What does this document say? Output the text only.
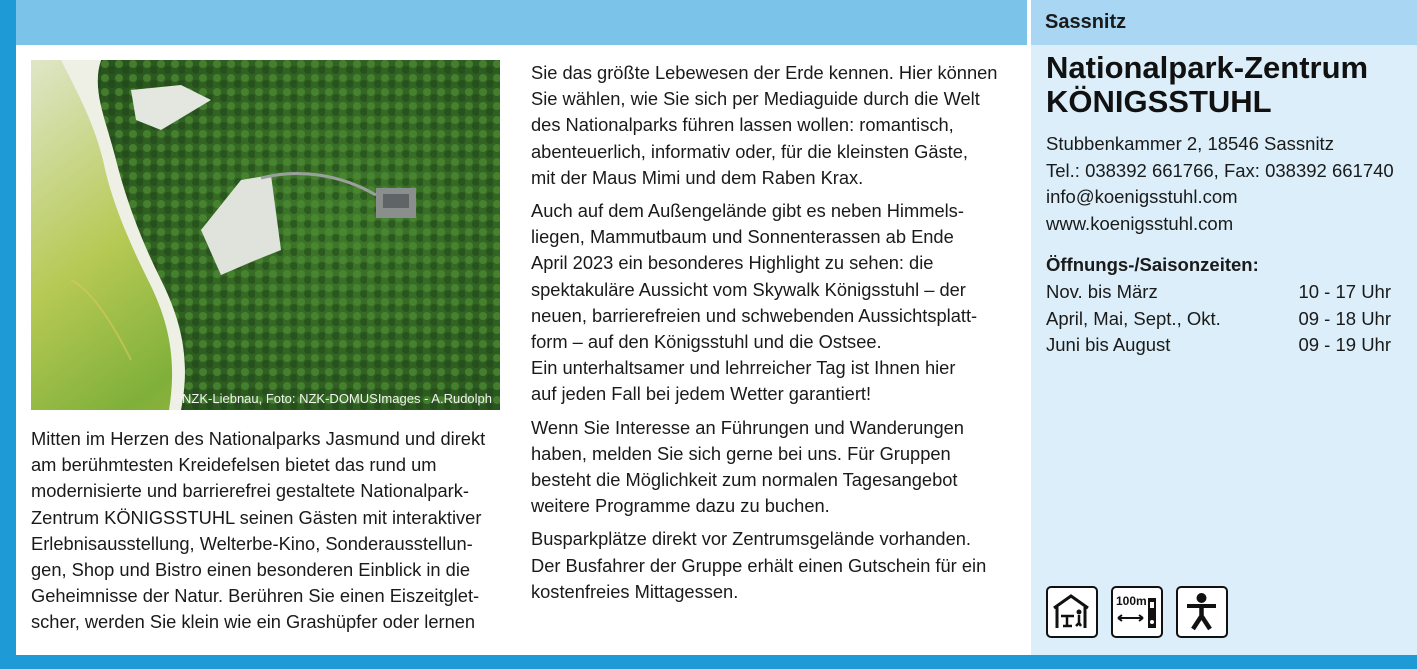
©NZK-Liebnau, Foto: NZK-DOMUSImages - A.Rudolph

Mitten im Herzen des Nationalparks Jasmund und direkt
am berühmtesten Kreidefelsen bietet das rund um
modernisierte und barrierefrei gestaltete Nationalpark-
Zentrum KÖNIGSSTUHL seinen Gästen mit interaktiver
Erlebnisausstellung, Welterbe-Kino, Sonderausstellun-
gen, Shop und Bistro einen besonderen Einblick in die
Geheimnisse der Natur. Berühren Sie einen Eiszeitglet-
scher, werden Sie klein wie ein Grashüpfer oder lernen

Sie das größte Lebewesen der Erde kennen. Hier können
Sie wählen, wie Sie sich per Mediaguide durch die Welt
des Nationalparks führen lassen wollen: romantisch,
abenteuerlich, informativ oder, für die kleinsten Gäste,
mit der Maus Mimi und dem Raben Krax.

Auch auf dem Außengelände gibt es neben Himmels-
liegen, Mammutbaum und Sonnenterassen ab Ende
April 2023 ein besonderes Highlight zu sehen: die
spektakuläre Aussicht vom Skywalk Königsstuhl – der
neuen, barrierefreien und schwebenden Aussichtsplatt-
form – auf den Königsstuhl und die Ostsee.
Ein unterhaltsamer und lehrreicher Tag ist Ihnen hier
auf jeden Fall bei jedem Wetter garantiert!

Wenn Sie Interesse an Führungen und Wanderungen
haben, melden Sie sich gerne bei uns. Für Gruppen
besteht die Möglichkeit zum normalen Tagesangebot
weitere Programme dazu zu buchen.

Busparkplätze direkt vor Zentrumsgelände vorhanden.
Der Busfahrer der Gruppe erhält einen Gutschein für ein
kostenfreies Mittagessen.

Sassnitz
Nationalpark-Zentrum
KÖNIGSSTUHL
Stubbenkammer 2, 18546 Sassnitz
Tel.: 038392 661766, Fax: 038392 661740
info@koenigsstuhl.com
www.koenigsstuhl.com
Öffnungs-/Saisonzeiten:
Nov. bis März	10 - 17 Uhr
April, Mai, Sept., Okt.	09 - 18 Uhr
Juni bis August	09 - 19 Uhr
100m
